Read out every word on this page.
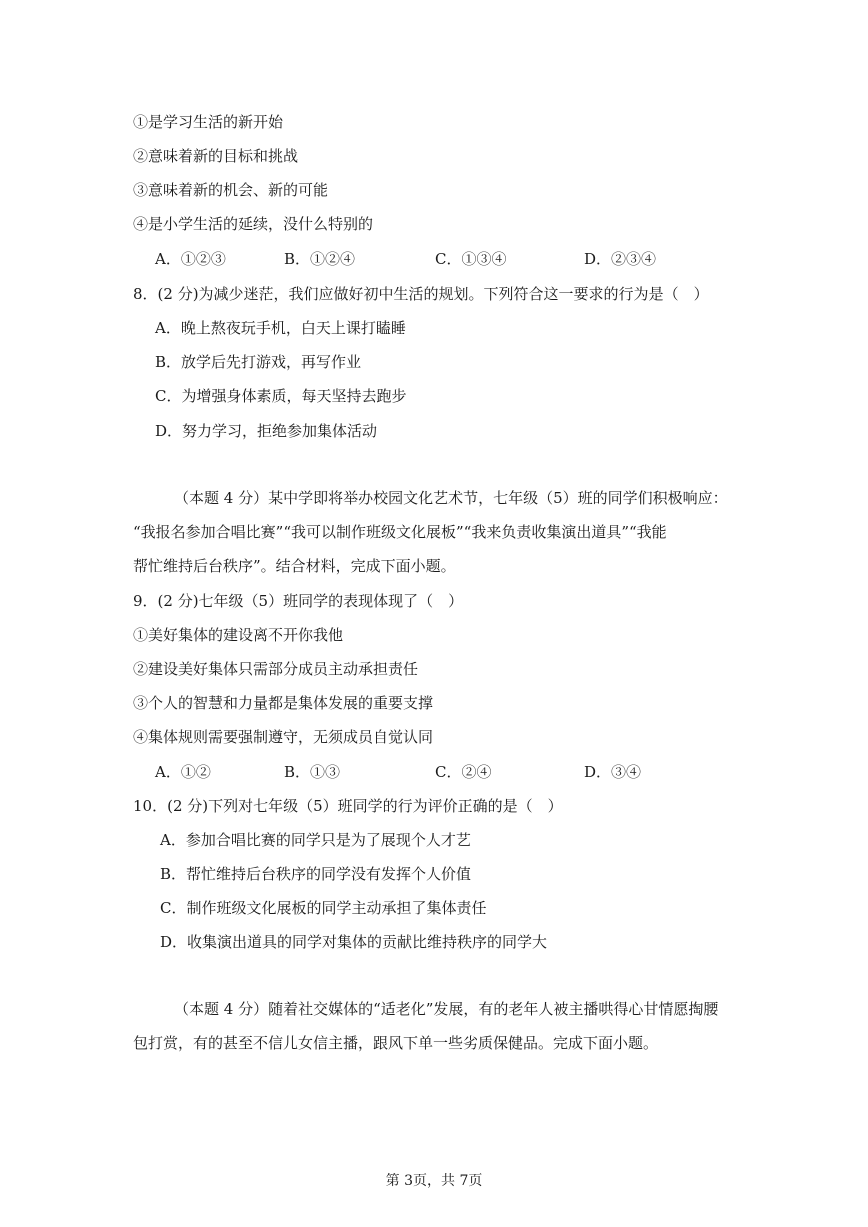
①是学习生活的新开始
②意味着新的目标和挑战
③意味着新的机会、新的可能
④是小学生活的延续，没什么特别的
A．①②③	B．①②④	C．①③④	D．②③④
8．(2 分)为减少迷茫，我们应做好初中生活的规划。下列符合这一要求的行为是（　）
A．晚上熬夜玩手机，白天上课打瞌睡
B．放学后先打游戏，再写作业
C．为增强身体素质，每天坚持去跑步
D．努力学习，拒绝参加集体活动
（本题 4 分）某中学即将举办校园文化艺术节，七年级（5）班的同学们积极响应：
“我报名参加合唱比赛”“我可以制作班级文化展板”“我来负责收集演出道具”“我能
帮忙维持后台秩序”。结合材料，完成下面小题。
9．(2 分)七年级（5）班同学的表现体现了（　）
①美好集体的建设离不开你我他
②建设美好集体只需部分成员主动承担责任
③个人的智慧和力量都是集体发展的重要支撑
④集体规则需要强制遵守，无须成员自觉认同
A．①②	B．①③	C．②④	D．③④
10．(2 分)下列对七年级（5）班同学的行为评价正确的是（　）
A．参加合唱比赛的同学只是为了展现个人才艺
B．帮忙维持后台秩序的同学没有发挥个人价值
C．制作班级文化展板的同学主动承担了集体责任
D．收集演出道具的同学对集体的贡献比维持秩序的同学大
（本题 4 分）随着社交媒体的“适老化”发展，有的老年人被主播哄得心甘情愿掏腰
包打赏，有的甚至不信儿女信主播，跟风下单一些劣质保健品。完成下面小题。
第 3页，共 7页
